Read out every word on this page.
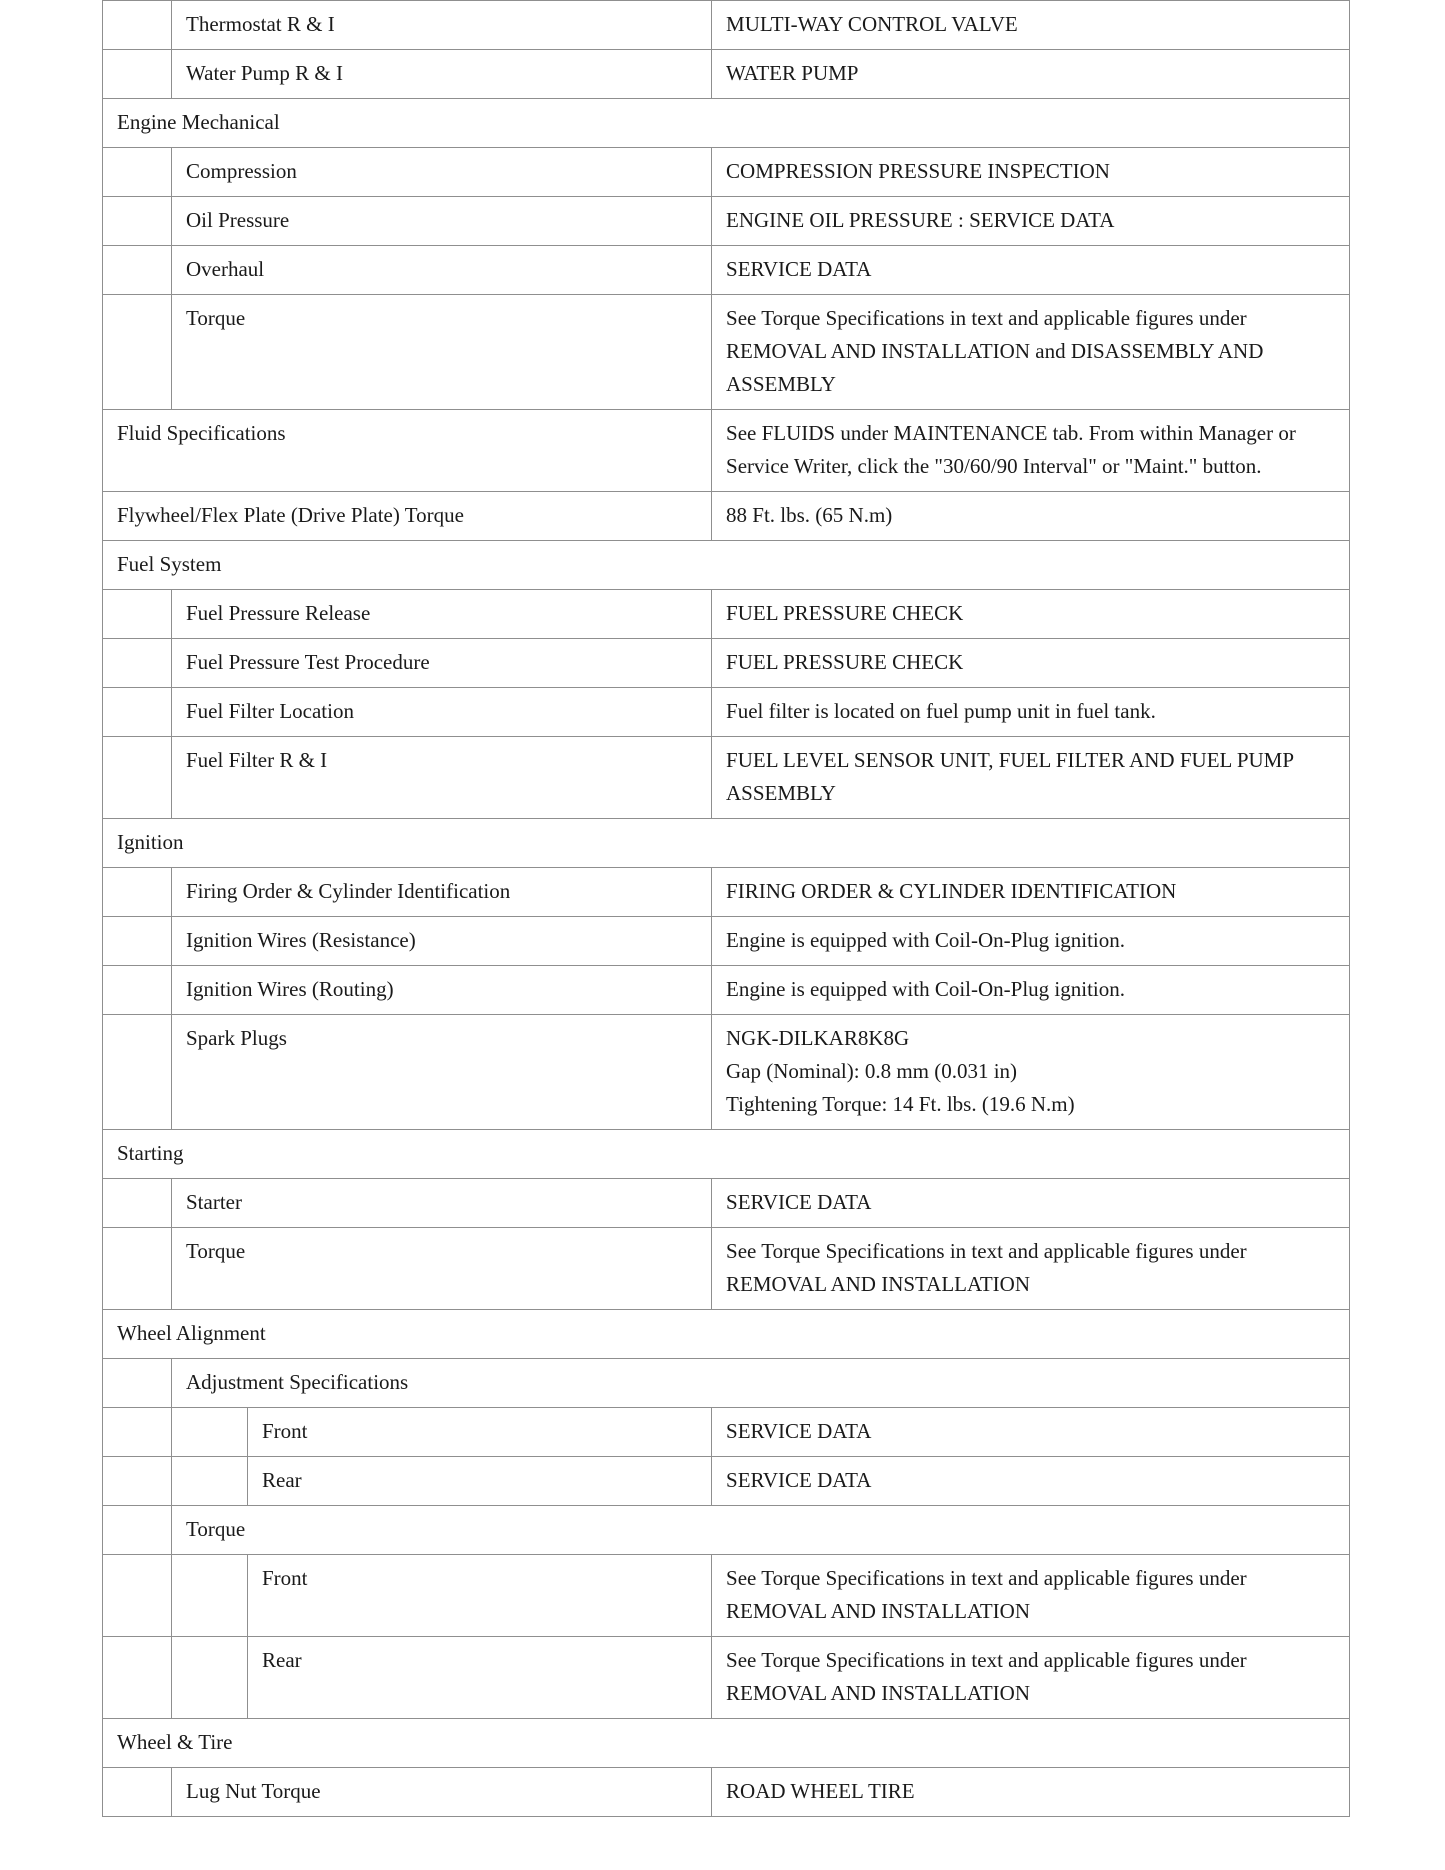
	Thermostat R & I		MULTI-WAY CONTROL VALVE
	Water Pump R & I		WATER PUMP
Engine Mechanical			
	Compression		COMPRESSION PRESSURE INSPECTION
	Oil Pressure		ENGINE OIL PRESSURE : SERVICE DATA
	Overhaul		SERVICE DATA
	Torque		See Torque Specifications in text and applicable figures under
REMOVAL AND INSTALLATION and DISASSEMBLY AND
ASSEMBLY

Fluid Specifications			See FLUIDS under MAINTENANCE tab. From within Manager or
Service Writer, click the "30/60/90 Interval" or "Maint." button.

Flywheel/Flex Plate (Drive Plate) Torque			88 Ft. lbs. (65 N.m)
Fuel System			
	Fuel Pressure Release		FUEL PRESSURE CHECK
	Fuel Pressure Test Procedure		FUEL PRESSURE CHECK
	Fuel Filter Location		Fuel filter is located on fuel pump unit in fuel tank.
	Fuel Filter R & I		FUEL LEVEL SENSOR UNIT, FUEL FILTER AND FUEL PUMP
ASSEMBLY

Ignition			
	Firing Order & Cylinder Identification		FIRING ORDER & CYLINDER IDENTIFICATION
	Ignition Wires (Resistance)		Engine is equipped with Coil-On-Plug ignition.
	Ignition Wires (Routing)		Engine is equipped with Coil-On-Plug ignition.
	Spark Plugs		NGK-DILKAR8K8G
Gap (Nominal): 0.8 mm (0.031 in)
Tightening Torque: 14 Ft. lbs. (19.6 N.m)

Starting			
	Starter		SERVICE DATA
	Torque		See Torque Specifications in text and applicable figures under
REMOVAL AND INSTALLATION

Wheel Alignment			
	Adjustment Specifications		
		Front	SERVICE DATA
		Rear	SERVICE DATA
	Torque		
		Front	See Torque Specifications in text and applicable figures under
REMOVAL AND INSTALLATION

		Rear	See Torque Specifications in text and applicable figures under
REMOVAL AND INSTALLATION

Wheel & Tire			
	Lug Nut Torque		ROAD WHEEL TIRE
